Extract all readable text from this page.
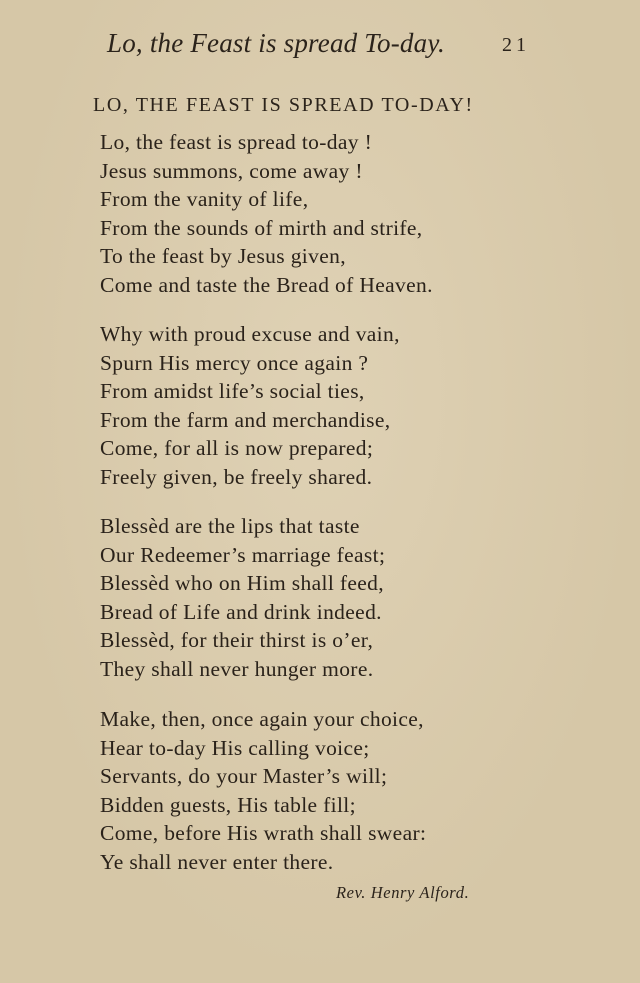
Lo, the Feast is spread To-day.	21
LO, THE FEAST IS SPREAD TO-DAY!
Lo, the feast is spread to-day !
Jesus summons, come away !
From the vanity of life,
From the sounds of mirth and strife,
To the feast by Jesus given,
Come and taste the Bread of Heaven.
Why with proud excuse and vain,
Spurn His mercy once again ?
From amidst life’s social ties,
From the farm and merchandise,
Come, for all is now prepared;
Freely given, be freely shared.
Blessèd are the lips that taste
Our Redeemer’s marriage feast;
Blessèd who on Him shall feed,
Bread of Life and drink indeed.
Blessèd, for their thirst is o’er,
They shall never hunger more.
Make, then, once again your choice,
Hear to-day His calling voice;
Servants, do your Master’s will;
Bidden guests, His table fill;
Come, before His wrath shall swear:
Ye shall never enter there.
Rev. Henry Alford.
